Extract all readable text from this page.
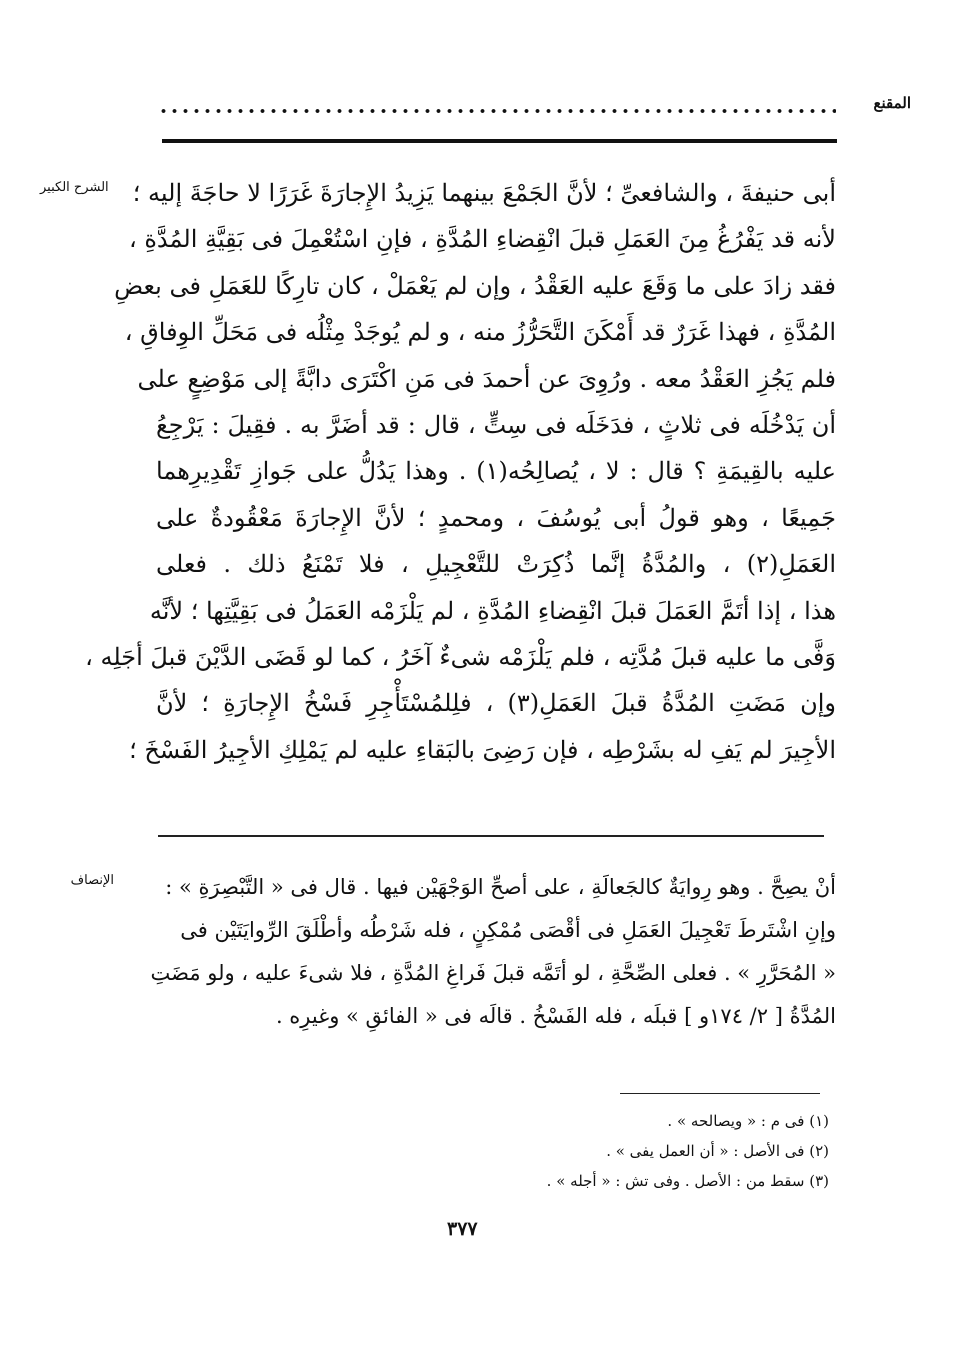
المقنع
الشرح الكبير
الإنصاف
أبى حنيفةَ ، والشافعىِّ ؛ لأنَّ الجَمْعَ بينهما يَزِيدُ الإِجارَةَ غَرَرًا لا حاجَةَ إليه ؛
لأنه قد يَفْرُغُ مِنَ العَمَلِ قبلَ انْقِضاءِ المُدَّةِ ، فإنِ اسْتُعْمِلَ فى بَقِيَّةِ المُدَّةِ ،
فقد زادَ على ما وَقَعَ عليه العَقْدُ ، وإن لم يَعْمَلْ ، كان تارِكًا للعَمَلِ فى بعضِ
المُدَّةِ ، فهذا غَرَرٌ قد أَمْكَنَ التَّحَرُّزُ منه ، و لم يُوجَدْ مِثْلُه فى مَحَلِّ الوِفاقِ ،
فلم يَجُزِ العَقْدُ معه . ورُوِىَ عن أحمدَ فى مَنِ اكْتَرَى دابَّةً إلى مَوْضِعٍ على
أن يَدْخُلَه فى ثلاثٍ ، فدَخَلَه فى سِتٍّ ، قال : قد أضَرَّ به . فقِيلَ : يَرْجِعُ
عليه بالقِيمَةِ ؟ قال : لا ، يُصالِحُه(١) . وهذا يَدُلُّ على جَوازِ تَقْدِيرِهما
جَمِيعًا ، وهو قولُ أبى يُوسُفَ ، ومحمدٍ ؛ لأنَّ الإِجارَةَ مَعْقُودةٌ على
العَمَلِ(٢) ، والمُدَّةُ إنَّما ذُكِرَتْ للتَّعْجِيلِ ، فلا تَمْنَعُ ذلك . فعلى
هذا ، إذا أتَمَّ العَمَلَ قبلَ انْقِضاءِ المُدَّةِ ، لم يَلْزَمْه العَمَلُ فى بَقِيَّتِها ؛ لأنَّه
وَفَّى ما عليه قبلَ مُدَّتِه ، فلم يَلْزَمْه شىءٌ آخَرُ ، كما لو قَضَى الدَّيْنَ قبلَ أجَلِه ،
وإن مَضَتِ المُدَّةُ قبلَ العَمَلِ(٣) ، فلِلمُسْتَأْجِرِ فَسْخُ الإِجارَةِ ؛ لأنَّ
الأجِيرَ لم يَفِ له بشَرْطِه ، فإن رَضِىَ بالبَقاءِ عليه لم يَمْلِكِ الأجِيرُ الفَسْخَ ؛
أنْ يصِحَّ . وهو رِوايَةٌ كالجَعالَةِ ، على أصحِّ الوَجْهَيْن فيها . قال فى « التَّبْصِرَةِ » :
وإنِ اشْتَرطَ تَعْجِيلَ العَمَلِ فى أقْصَى مُمْكِنٍ ، فله شَرْطُه وأطْلَقَ الرِّوايَتَيْن فى
« المُحَرَّرِ » . فعلى الصِّحَّةِ ، لو أتَمَّه قبلَ فَراغِ المُدَّةِ ، فلا شىءَ عليه ، ولو مَضَتِ
المُدَّةُ [ ٢/ ١٧٤و ] قبلَه ، فله الفَسْخُ . قالَه فى « الفائقِ » وغيرِه .
(١) فى م : « ويصالحه » .
(٢) فى الأصل : « أن العمل يفى » .
(٣) سقط من : الأصل . وفى تش : « أجله » .
٣٧٧
